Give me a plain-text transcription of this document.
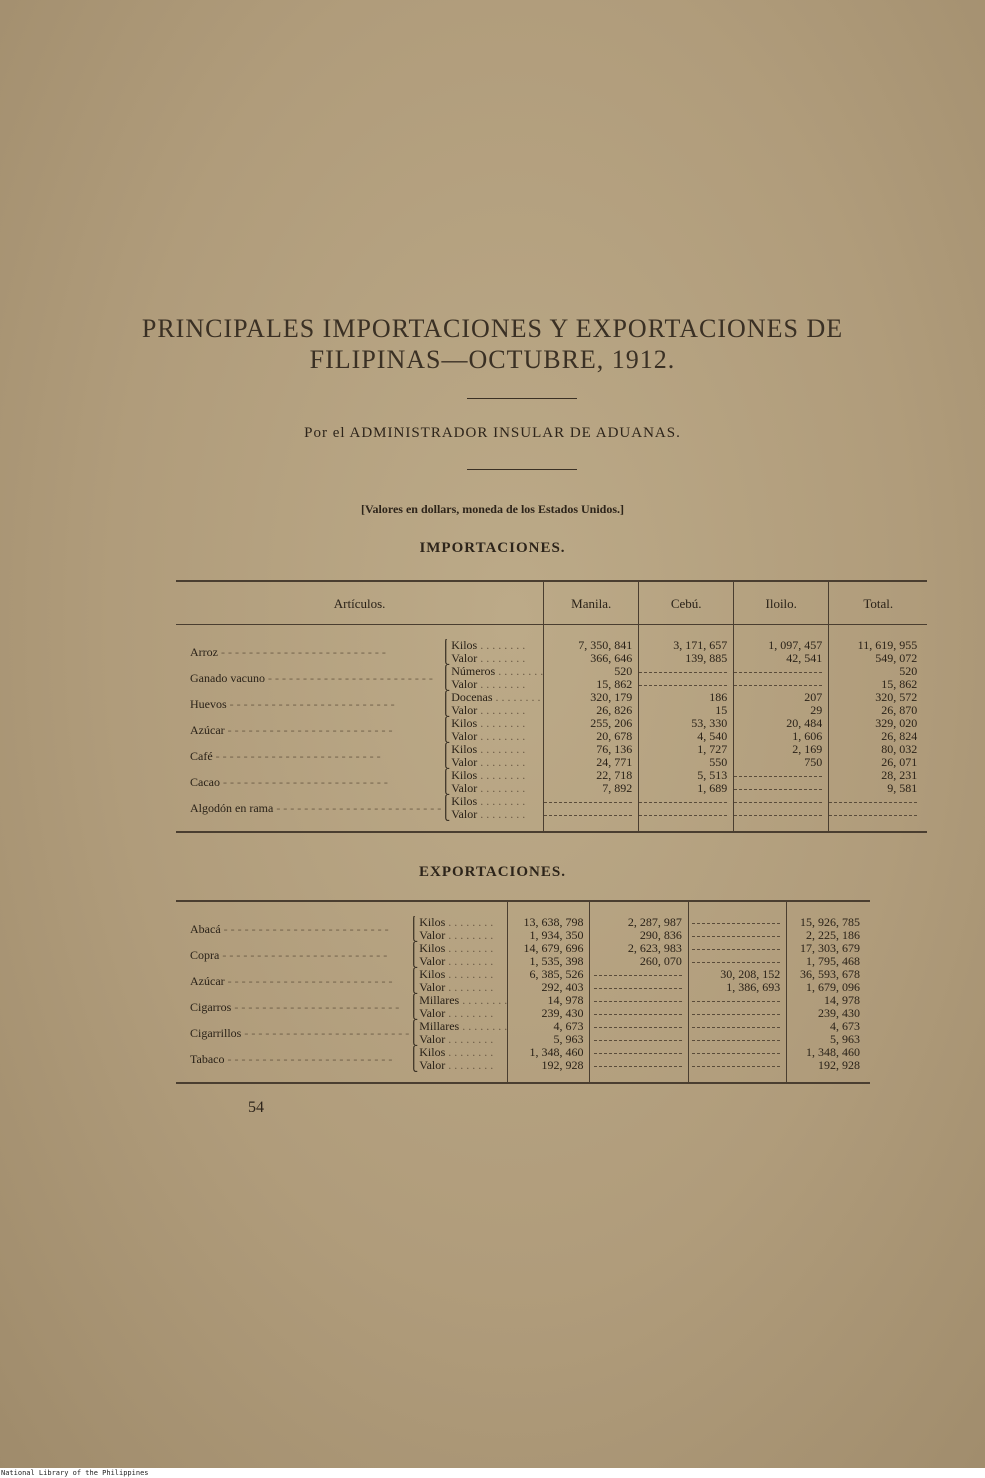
PRINCIPALES IMPORTACIONES Y EXPORTACIONES DE
FILIPINAS—OCTUBRE, 1912.
Por el ADMINISTRADOR INSULAR DE ADUANAS.
[Valores en dollars, moneda de los Estados Unidos.]
IMPORTACIONES.
Artículos.		Manila.	Cebú.	Iloilo.	Total.

Arroz - - - - - - - - - - - - - - - - - - - - - - - -	⎧Kilos . . . . . . . .	7, 350, 841	3, 171, 657	1, 097, 457	11, 619, 955
	⎩Valor . . . . . . . .	366, 646	139, 885	42, 541	549, 072
Ganado vacuno - - - - - - - - - - - - - - - - - - - - - - - -	⎧Números . . . . . . . .	520			520
	⎩Valor . . . . . . . .	15, 862			15, 862
Huevos - - - - - - - - - - - - - - - - - - - - - - - -	⎧Docenas . . . . . . . .	320, 179	186	207	320, 572
	⎩Valor . . . . . . . .	26, 826	15	29	26, 870
Azúcar - - - - - - - - - - - - - - - - - - - - - - - -	⎧Kilos . . . . . . . .	255, 206	53, 330	20, 484	329, 020
	⎩Valor . . . . . . . .	20, 678	4, 540	1, 606	26, 824
Café - - - - - - - - - - - - - - - - - - - - - - - -	⎧Kilos . . . . . . . .	76, 136	1, 727	2, 169	80, 032
	⎩Valor . . . . . . . .	24, 771	550	750	26, 071
Cacao - - - - - - - - - - - - - - - - - - - - - - - -	⎧Kilos . . . . . . . .	22, 718	5, 513		28, 231
	⎩Valor . . . . . . . .	7, 892	1, 689		9, 581
Algodón en rama - - - - - - - - - - - - - - - - - - - - - - - -	⎧Kilos . . . . . . . .				
	⎩Valor . . . . . . . .				

EXPORTACIONES.

Abacá - - - - - - - - - - - - - - - - - - - - - - - -	⎧Kilos . . . . . . . .	13, 638, 798	2, 287, 987		15, 926, 785
	⎩Valor . . . . . . . .	1, 934, 350	290, 836		2, 225, 186
Copra - - - - - - - - - - - - - - - - - - - - - - - -	⎧Kilos . . . . . . . .	14, 679, 696	2, 623, 983		17, 303, 679
	⎩Valor . . . . . . . .	1, 535, 398	260, 070		1, 795, 468
Azúcar - - - - - - - - - - - - - - - - - - - - - - - -	⎧Kilos . . . . . . . .	6, 385, 526		30, 208, 152	36, 593, 678
	⎩Valor . . . . . . . .	292, 403		1, 386, 693	1, 679, 096
Cigarros - - - - - - - - - - - - - - - - - - - - - - - -	⎧Millares . . . . . . . .	14, 978			14, 978
	⎩Valor . . . . . . . .	239, 430			239, 430
Cigarrillos - - - - - - - - - - - - - - - - - - - - - - - -	⎧Millares . . . . . . . .	4, 673			4, 673
	⎩Valor . . . . . . . .	5, 963			5, 963
Tabaco - - - - - - - - - - - - - - - - - - - - - - - -	⎧Kilos . . . . . . . .	1, 348, 460			1, 348, 460
	⎩Valor . . . . . . . .	192, 928			192, 928

54
National Library of the Philippines
